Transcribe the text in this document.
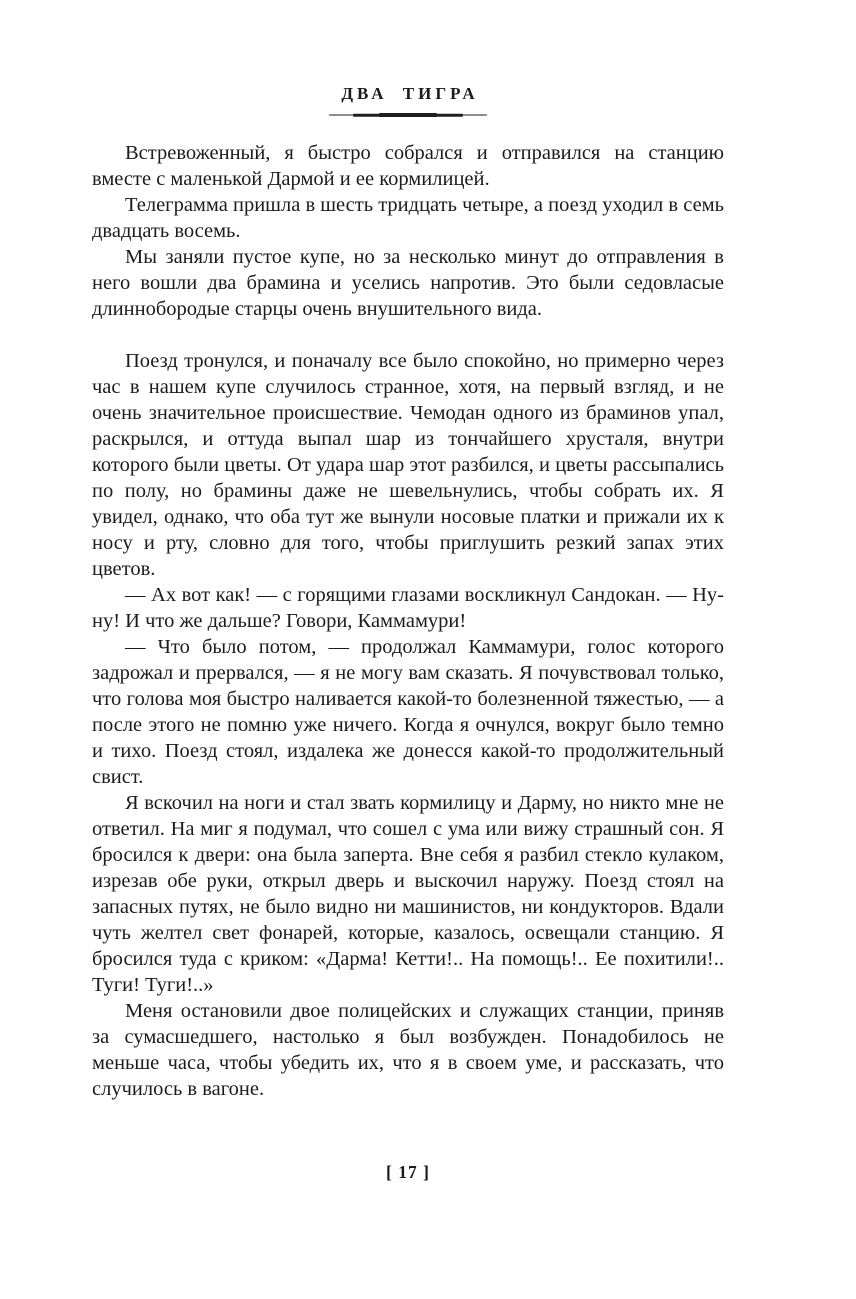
ДВА ТИГРА

Встревоженный, я быстро собрался и отправился на станцию вместе с маленькой Дармой и ее кормилицей.

Телеграмма пришла в шесть тридцать четыре, а поезд уходил в семь двадцать восемь.

Мы заняли пустое купе, но за несколько минут до отправления в него вошли два брамина и уселись напротив. Это были седовласые длиннобородые старцы очень внушительного вида.

Поезд тронулся, и поначалу все было спокойно, но примерно через час в нашем купе случилось странное, хотя, на первый взгляд, и не очень значительное происшествие. Чемодан одного из браминов упал, раскрылся, и оттуда выпал шар из тончайшего хрусталя, внутри которого были цветы. От удара шар этот разбился, и цветы рассыпались по полу, но брамины даже не шевельнулись, чтобы собрать их. Я увидел, однако, что оба тут же вынули носовые платки и прижали их к носу и рту, словно для того, чтобы приглушить резкий запах этих цветов.

— Ах вот как! — с горящими глазами воскликнул Сандокан. — Ну-ну! И что же дальше? Говори, Каммамури!

— Что было потом, — продолжал Каммамури, голос которого задрожал и прервался, — я не могу вам сказать. Я почувствовал только, что голова моя быстро наливается какой-то болезненной тяжестью, — а после этого не помню уже ничего. Когда я очнулся, вокруг было темно и тихо. Поезд стоял, издалека же донесся какой-то продолжительный свист.

Я вскочил на ноги и стал звать кормилицу и Дарму, но никто мне не ответил. На миг я подумал, что сошел с ума или вижу страшный сон. Я бросился к двери: она была заперта. Вне себя я разбил стекло кулаком, изрезав обе руки, открыл дверь и выскочил наружу. Поезд стоял на запасных путях, не было видно ни машинистов, ни кондукторов. Вдали чуть желтел свет фонарей, которые, казалось, освещали станцию. Я бросился туда с криком: «Дарма! Кетти!.. На помощь!.. Ее похитили!.. Туги! Туги!..»

Меня остановили двое полицейских и служащих станции, приняв за сумасшедшего, настолько я был возбужден. Понадобилось не меньше часа, чтобы убедить их, что я в своем уме, и рассказать, что случилось в вагоне.

[ 17 ]
